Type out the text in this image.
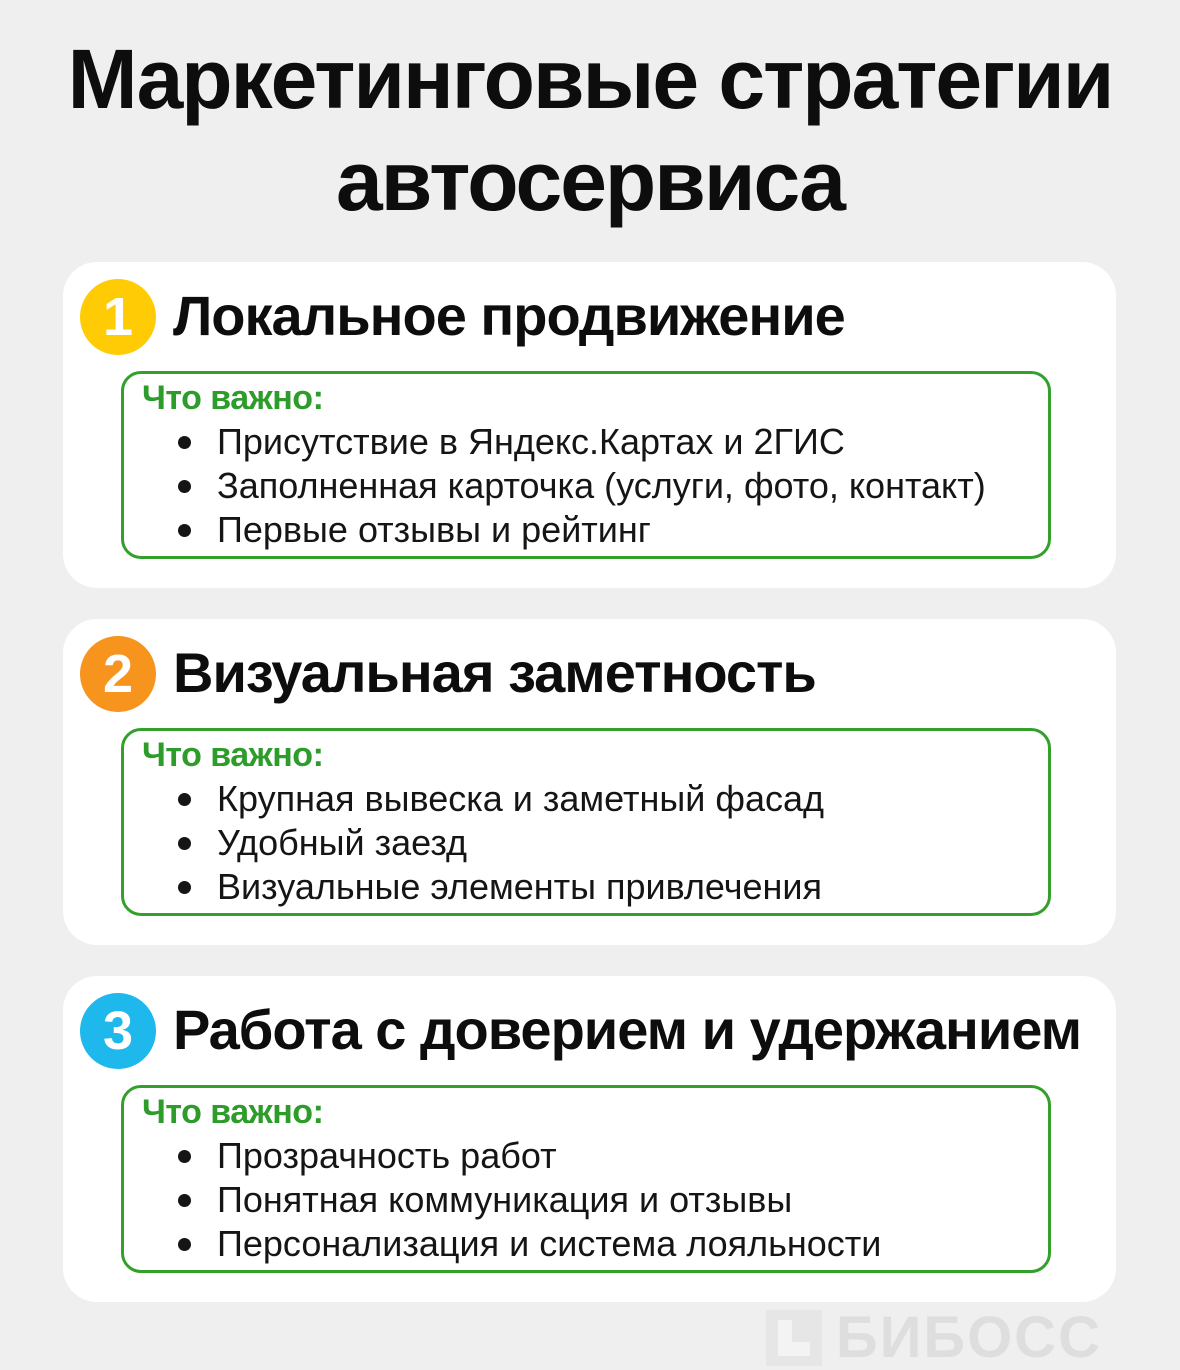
Маркетинговые стратегии
автосервиса
1 Локальное продвижение
Что важно:
Присутствие в Яндекс.Картах и 2ГИС
Заполненная карточка (услуги, фото, контакт)
Первые отзывы и рейтинг
2 Визуальная заметность
Что важно:
Крупная вывеска и заметный фасад
Удобный заезд
Визуальные элементы привлечения
3 Работа с доверием и удержанием
Что важно:
Прозрачность работ
Понятная коммуникация и отзывы
Персонализация и система лояльности
БИБОСС
